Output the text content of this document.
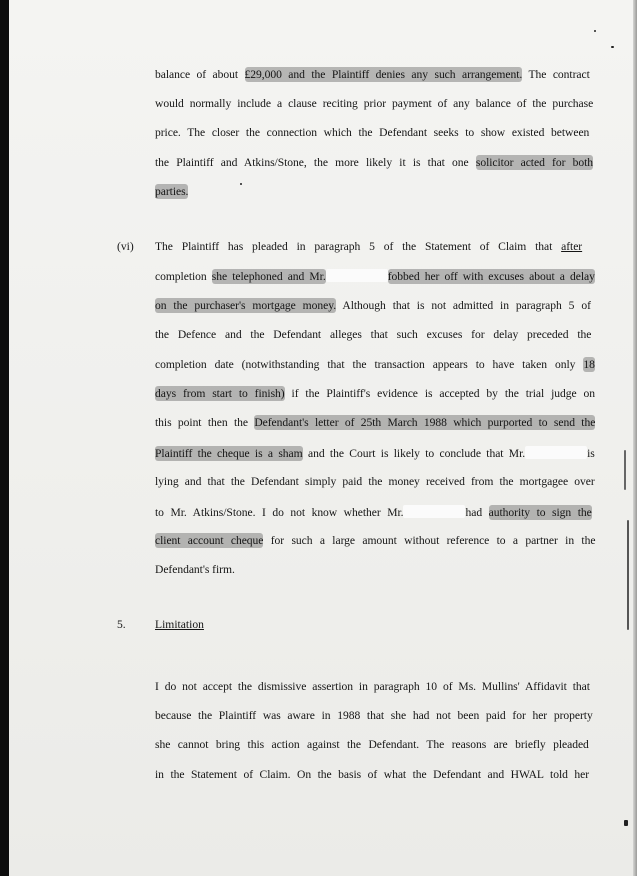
balance of about £29,000 and the Plaintiff denies any such arrangement. The contract
would normally include a clause reciting prior payment of any balance of the purchase
price. The closer the connection which the Defendant seeks to show existed between
the Plaintiff and Atkins/Stone, the more likely it is that one solicitor acted for both
parties.
(vi) The Plaintiff has pleaded in paragraph 5 of the Statement of Claim that after
completion she telephoned and Mr.	fobbed her off with excuses about a delay
on the purchaser's mortgage money. Although that is not admitted in paragraph 5 of
the Defence and the Defendant alleges that such excuses for delay preceded the
completion date (notwithstanding that the transaction appears to have taken only 18
days from start to finish) if the Plaintiff's evidence is accepted by the trial judge on
this point then the Defendant's letter of 25th March 1988 which purported to send the
Plaintiff the cheque is a sham and the Court is likely to conclude that Mr.	is
lying and that the Defendant simply paid the money received from the mortgagee over
to Mr. Atkins/Stone. I do not know whether Mr.	had authority to sign the
client account cheque for such a large amount without reference to a partner in the
Defendant's firm.
5.	Limitation
I do not accept the dismissive assertion in paragraph 10 of Ms. Mullins' Affidavit that
because the Plaintiff was aware in 1988 that she had not been paid for her property
she cannot bring this action against the Defendant. The reasons are briefly pleaded
in the Statement of Claim. On the basis of what the Defendant and HWAL told her
